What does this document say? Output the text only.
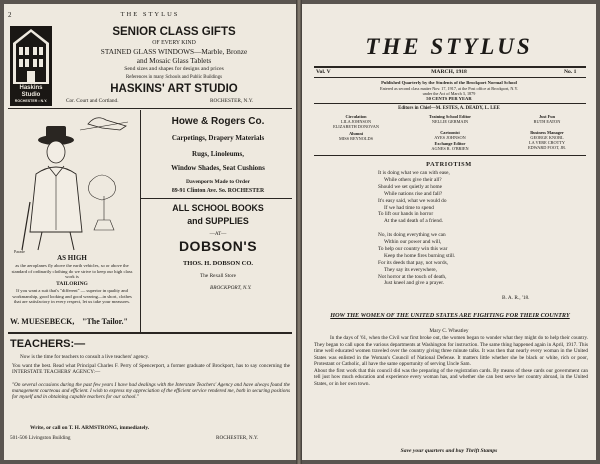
2	THE STYLUS
Haskins
Studio
ROCHESTER • N.Y.
SENIOR CLASS GIFTS
OF EVERY KIND
STAINED GLASS WINDOWS—Marble, Bronze
and Mosaic Glass Tablets
Send sizes and shapes for designs and prices
References in many Schools and Public Buildings
HASKINS' ART STUDIO
Cor. Court and Cortland.	ROCHESTER, N.Y.
Parade
AS HIGH
as the aeroplanes fly above the earth vehicles, so or above the standard of ordinarily clothing do we strive to keep our high class work is
TAILORING
If you want a suit that's "different" — superior in quality and workmanship, good looking and good wearing—in short, clothes that are satisfactory in every respect, let us take your measures.
W. MUESEBECK, "The Tailor."
Howe & Rogers Co.
Carpetings, Drapery Materials
Rugs, Linoleums,
Window Shades, Seat Cushions
Davenports Made to Order
89-91 Clinton Ave. So. ROCHESTER
ALL SCHOOL BOOKS
and SUPPLIES
—AT—
DOBSON'S
THOS. H. DOBSON CO.
The Rexall Store
BROCKPORT, N.Y.
TEACHERS:—
Now is the time for teachers to consult a live teachers' agency.
You want the best. Read what Principal Charles F. Perry of Spencerport, a former graduate of Brockport, has to say concerning the INTERSTATE TEACHERS' AGENCY:—
"On several occasions during the past few years I have had dealings with the Interstate Teachers' Agency and have always found the management courteous and efficient. I wish to express my appreciation of the efficient service rendered me, both in securing positions for myself and in obtaining capable teachers for our school."
Write, or call on T. H. ARMSTRONG, immediately.
501-506 Livingston Building	ROCHESTER, N.Y.
THE STYLUS
Vol. V	MARCH, 1918	No. 1
Published Quarterly by the Students of the Brockport Normal School
Entered as second class matter Nov. 17, 1917, at the Post office at Brockport, N.Y.
under the Act of March 3, 1879
50 CENTS PER YEAR
Editors in Chief—M. ESTES, A. DEADY, L. LEE
Circulation
LILA JOHNSON
ELIZABETH DONOVAN
Training School Editor
NELLIE GERMAIN
Just Fun
RUTH EATON
Alumni
MISS REYNOLDS
Cartoonist
AYES JOHNSON
Business Manager
GEORGE KNOBL
LA VERE CROTTY
EDWARD FOOT, JR.
Exchange Editor
AGNES R. O'BRIEN
PATRIOTISM
It is doing what we can with ease,
While others give their all?
Should we set quietly at home
While nations rise and fall?
It's easy said, what we would do
If we had time to spend
To lift our hands in horror
At the sad death of a friend.
No, its doing everything we can
Within our power and will,
To help our country win this war
Keep the home fires burning still.
For its deeds that pay, not words,
They say its everywhere,
Not horror at the touch of death,
Just kneel and give a prayer.
B. A. R., '18.
HOW THE WOMEN OF THE UNITED STATES ARE FIGHTING FOR THEIR COUNTRY
Mary C. Wheatley
In the days of '61, when the Civil war first broke out, the women began to wonder what they might do to help their country. They began to call upon the various departments at Washington for instruction. The same thing happened again in April, 1917. This time well educated women traveled over the country giving three minute talks. It was then that nearly every woman in the United States was enlisted in the Woman's Council of National Defense. It matters little whether she be black or white, rich or poor, Protestant or Catholic, all have the same opportunity of serving Uncle Sam.
About the first work that this council did was the preparing of the registration cards. By means of these cards our government can tell just how much education and experience every woman has, and whether she can best serve her country abroad, in the United States, or in her own town.
Save your quarters and buy Thrift Stamps
